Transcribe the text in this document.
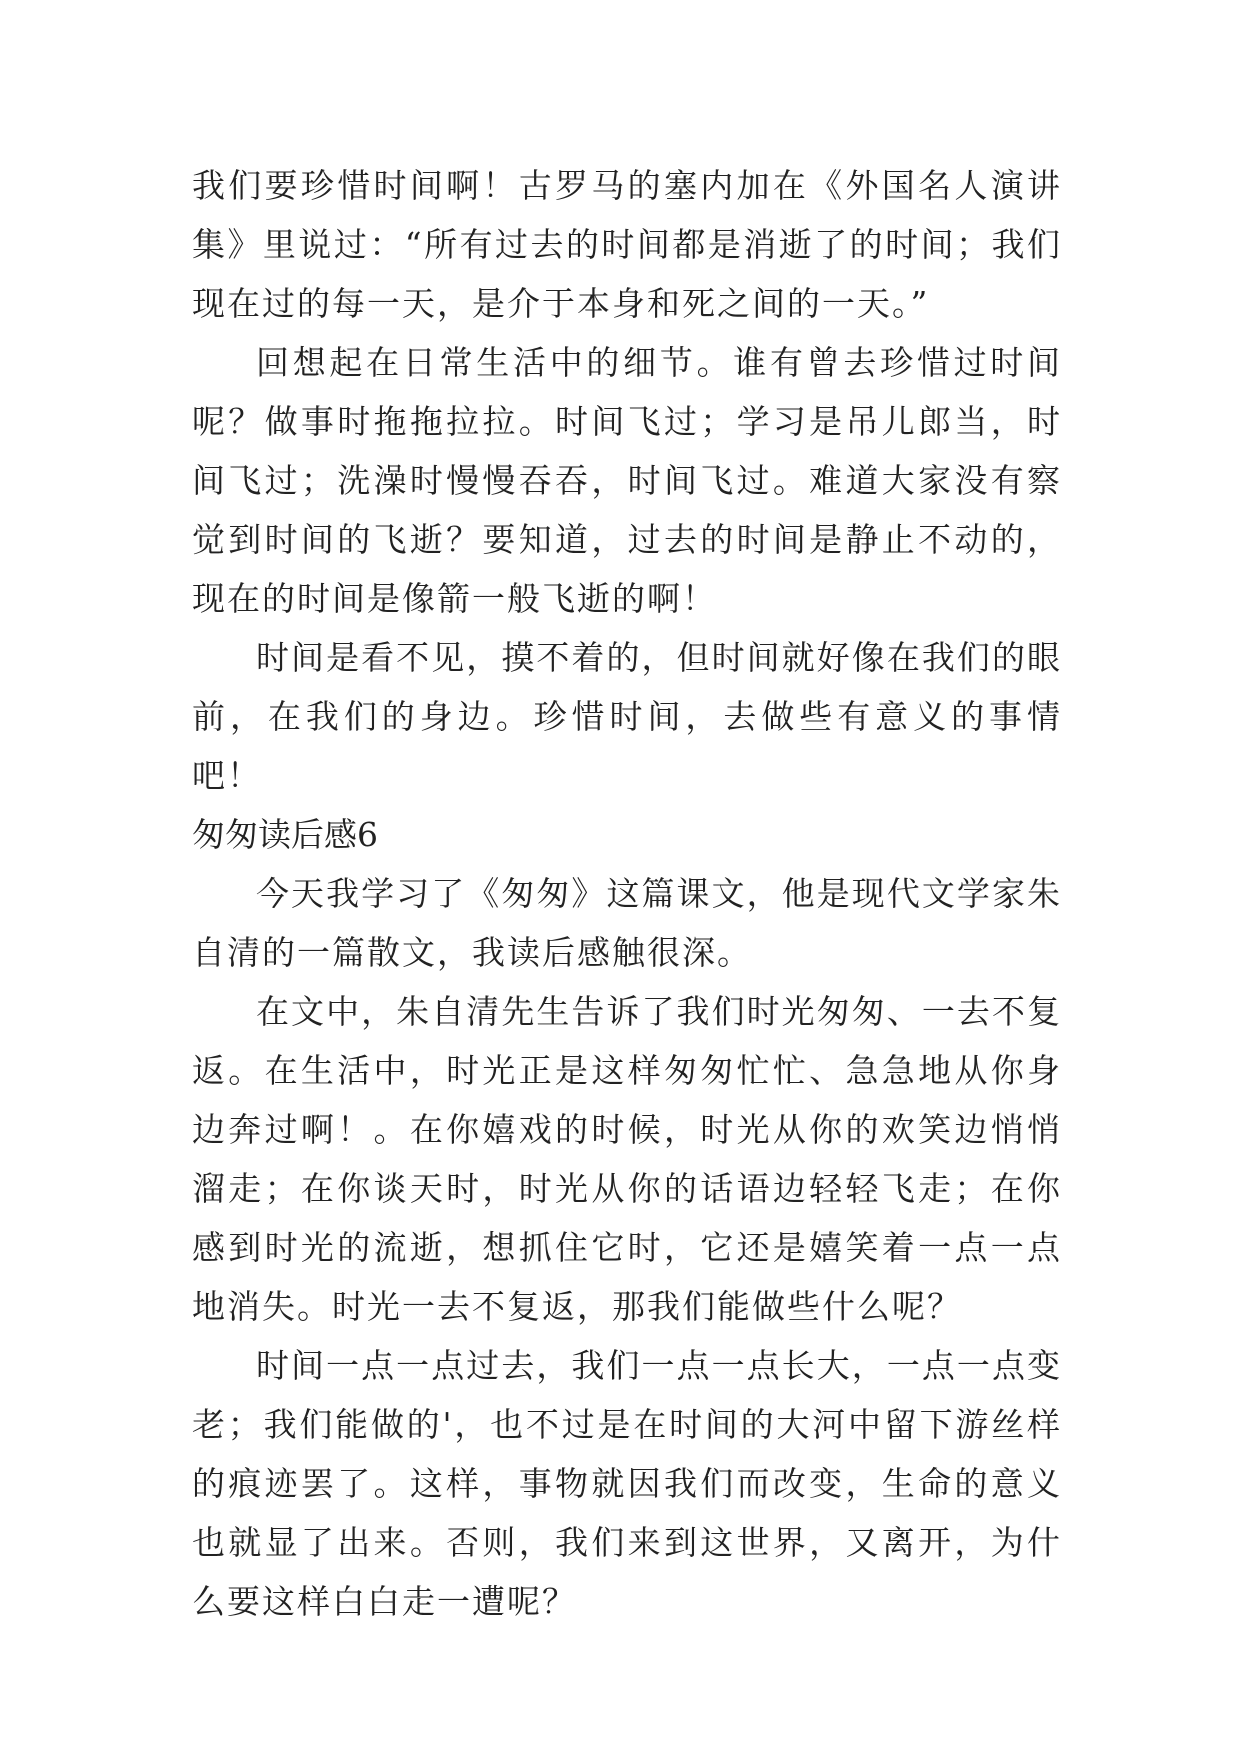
我们要珍惜时间啊！古罗马的塞内加在《外国名人演讲集》里说过：“所有过去的时间都是消逝了的时间；我们现在过的每一天，是介于本身和死之间的一天。”

回想起在日常生活中的细节。谁有曾去珍惜过时间呢？做事时拖拖拉拉。时间飞过；学习是吊儿郎当，时间飞过；洗澡时慢慢吞吞，时间飞过。难道大家没有察觉到时间的飞逝？要知道，过去的时间是静止不动的，现在的时间是像箭一般飞逝的啊！

时间是看不见，摸不着的，但时间就好像在我们的眼前，在我们的身边。珍惜时间，去做些有意义的事情吧！

匆匆读后感6

今天我学习了《匆匆》这篇课文，他是现代文学家朱自清的一篇散文，我读后感触很深。

在文中，朱自清先生告诉了我们时光匆匆、一去不复返。在生活中，时光正是这样匆匆忙忙、急急地从你身边奔过啊！。在你嬉戏的时候，时光从你的欢笑边悄悄溜走；在你谈天时，时光从你的话语边轻轻飞走；在你感到时光的流逝，想抓住它时，它还是嬉笑着一点一点地消失。时光一去不复返，那我们能做些什么呢？

时间一点一点过去，我们一点一点长大，一点一点变老；我们能做的'，也不过是在时间的大河中留下游丝样的痕迹罢了。这样，事物就因我们而改变，生命的意义也就显了出来。否则，我们来到这世界，又离开，为什么要这样白白走一遭呢？
